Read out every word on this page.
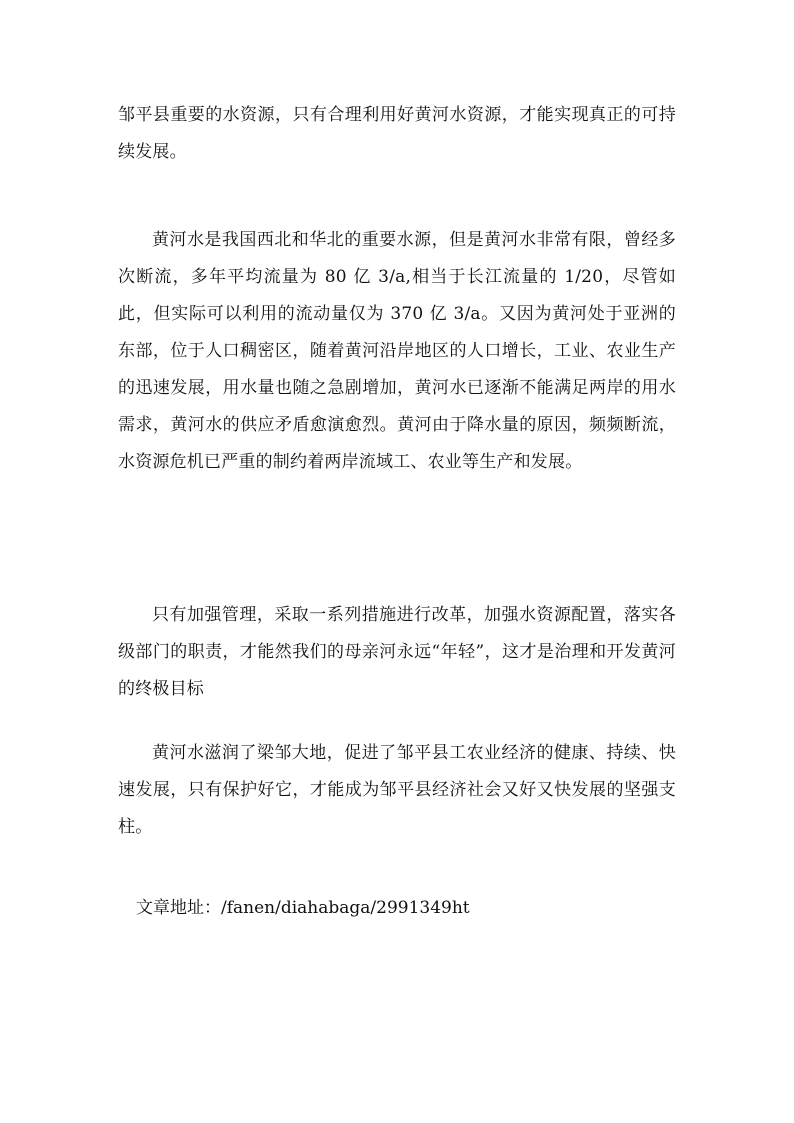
邹平县重要的水资源，只有合理利用好黄河水资源，才能实现真正的可持续发展。

黄河水是我国西北和华北的重要水源，但是黄河水非常有限，曾经多次断流，多年平均流量为 80 亿 3/a,相当于长江流量的 1/20，尽管如此，但实际可以利用的流动量仅为 370 亿 3/a。又因为黄河处于亚洲的东部，位于人口稠密区，随着黄河沿岸地区的人口增长，工业、农业生产的迅速发展，用水量也随之急剧增加，黄河水已逐渐不能满足两岸的用水需求，黄河水的供应矛盾愈演愈烈。黄河由于降水量的原因，频频断流，水资源危机已严重的制约着两岸流域工、农业等生产和发展。

只有加强管理，采取一系列措施进行改革，加强水资源配置，落实各级部门的职责，才能然我们的母亲河永远“年轻”，这才是治理和开发黄河的终极目标

黄河水滋润了梁邹大地，促进了邹平县工农业经济的健康、持续、快速发展，只有保护好它，才能成为邹平县经济社会又好又快发展的坚强支柱。

文章地址：/fanen/diahabaga/2991349ht
